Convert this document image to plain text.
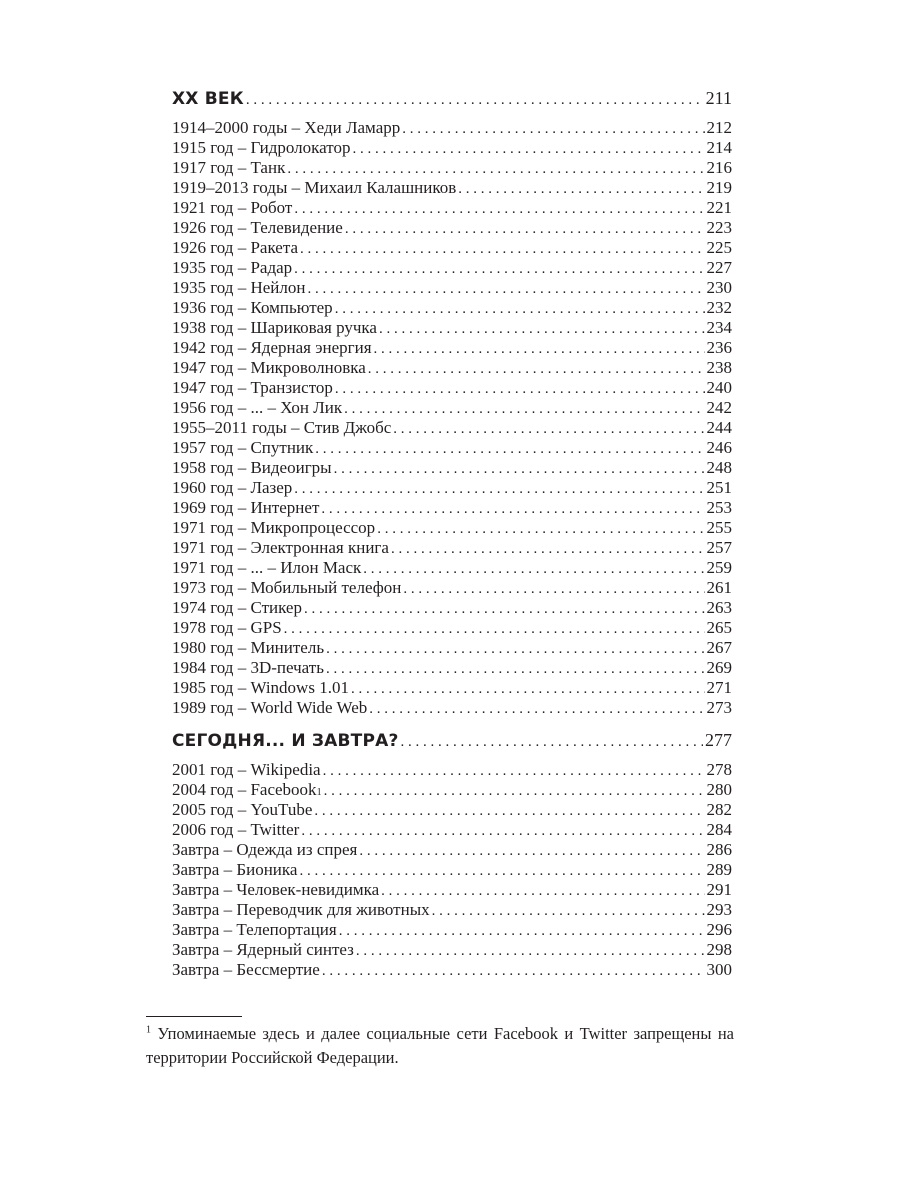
XX ВЕК . . .	211
1914–2000 годы – Хеди Ламарр . . .	212
1915 год – Гидролокатор . . .	214
1917 год – Танк . . .	216
1919–2013 годы – Михаил Калашников . . .	219
1921 год – Робот . . .	221
1926 год – Телевидение . . .	223
1926 год – Ракета . . .	225
1935 год – Радар . . .	227
1935 год – Нейлон . . .	230
1936 год – Компьютер . . .	232
1938 год – Шариковая ручка . . .	234
1942 год – Ядерная энергия . . .	236
1947 год – Микроволновка . . .	238
1947 год – Транзистор . . .	240
1956 год – ... – Хон Лик . . .	242
1955–2011 годы – Стив Джобс . . .	244
1957 год – Спутник . . .	246
1958 год – Видеоигры . . .	248
1960 год – Лазер . . .	251
1969 год – Интернет . . .	253
1971 год – Микропроцессор . . .	255
1971 год – Электронная книга . . .	257
1971 год – ... – Илон Маск . . .	259
1973 год – Мобильный телефон . . .	261
1974 год – Стикер . . .	263
1978 год – GPS . . .	265
1980 год – Минитель . . .	267
1984 год – 3D-печать . . .	269
1985 год – Windows 1.01 . . .	271
1989 год – World Wide Web . . .	273
СЕГОДНЯ... И ЗАВТРА? . . .	277
2001 год – Wikipedia . . .	278
2004 год – Facebook 1 . . .	280
2005 год – YouTube . . .	282
2006 год – Twitter . . .	284
Завтра – Одежда из спрея . . .	286
Завтра – Бионика . . .	289
Завтра – Человек-невидимка . . .	291
Завтра – Переводчик для животных . . .	293
Завтра – Телепортация . . .	296
Завтра – Ядерный синтез . . .	298
Завтра – Бессмертие . . .	300
$^1$ Упоминаемые здесь и далее социальные сети Facebook и Twitter запрещены на территории Российской Федерации.
